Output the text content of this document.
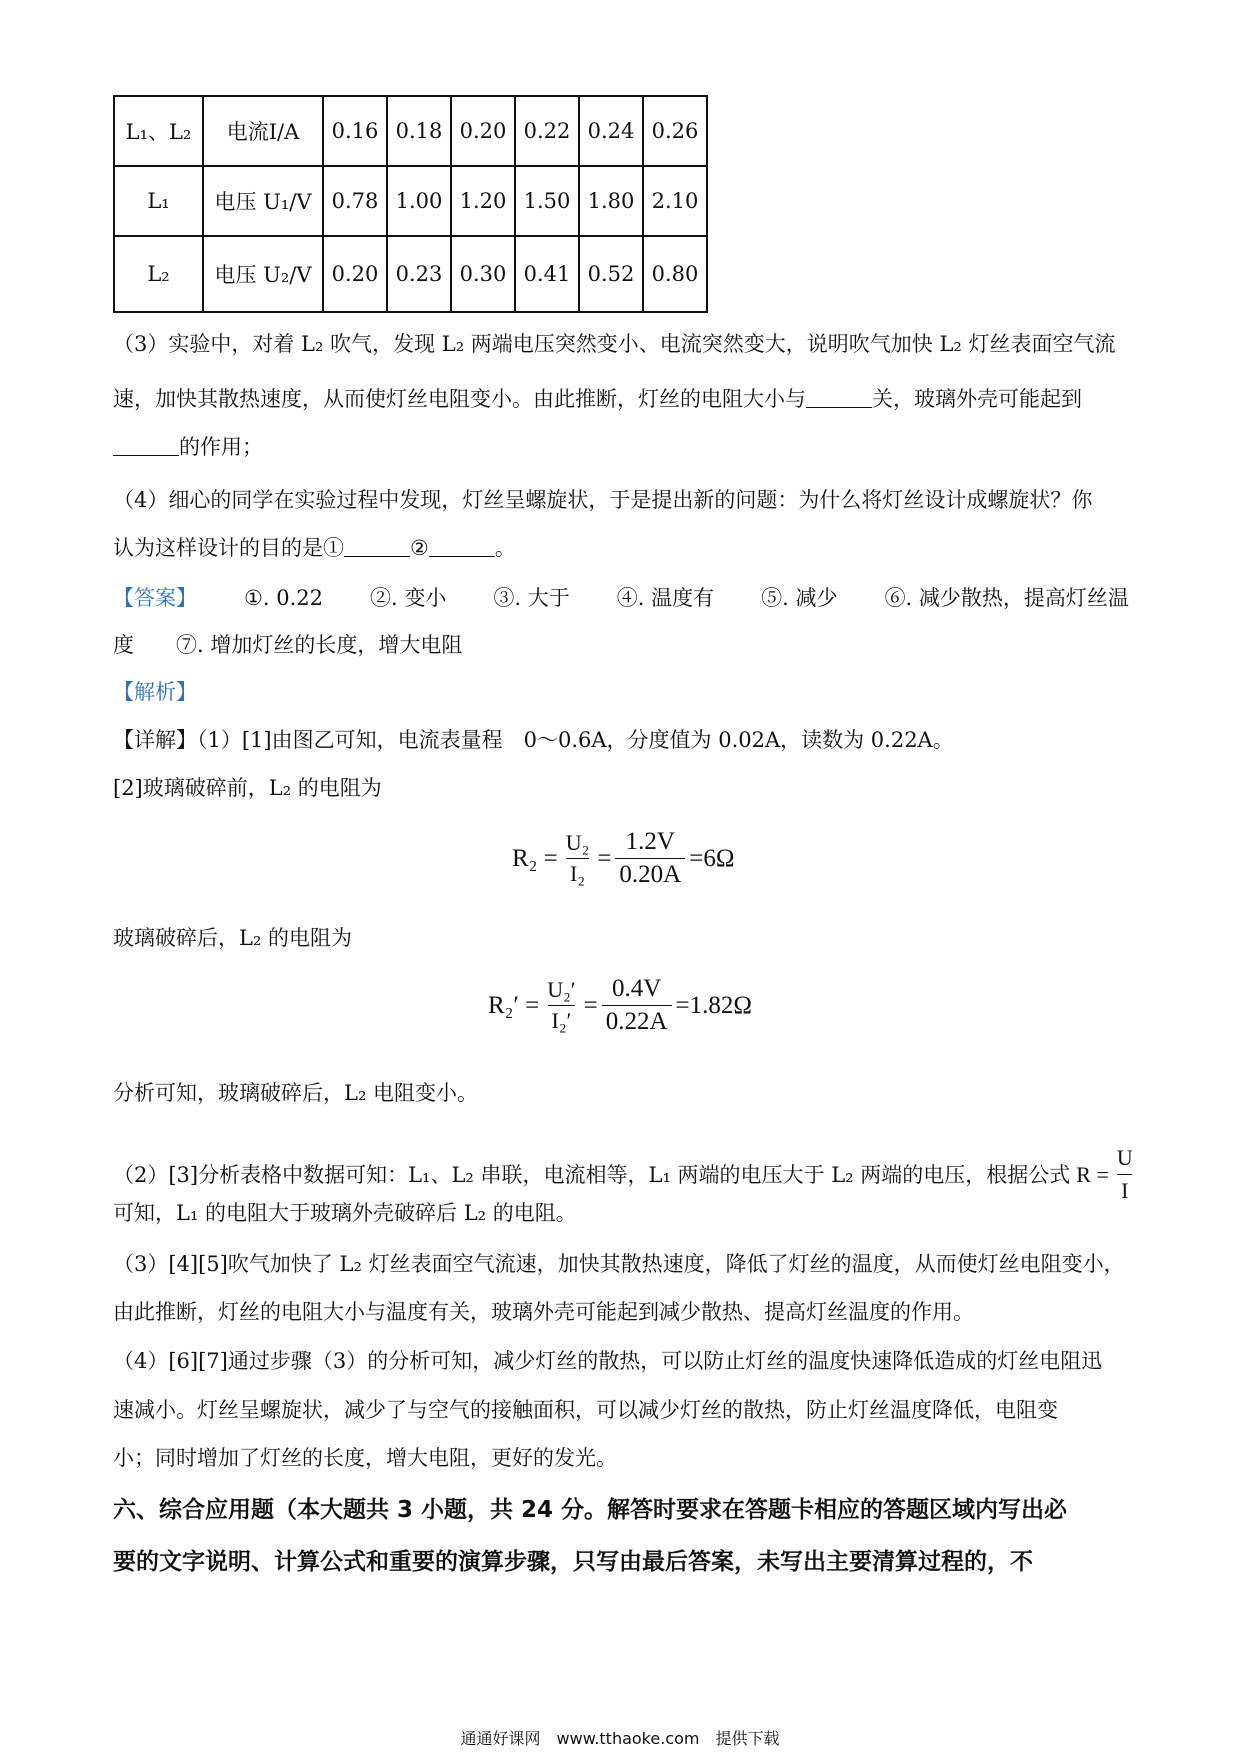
L₁、L₂	电流I/A	0.16	0.18	0.20	0.22	0.24	0.26
L₁	电压 U₁/V	0.78	1.00	1.20	1.50	1.80	2.10
L₂	电压 U₂/V	0.20	0.23	0.30	0.41	0.52	0.80
（3）实验中，对着 L₂ 吹气，发现 L₂ 两端电压突然变小、电流突然变大，说明吹气加快 L₂ 灯丝表面空气流
速，加快其散热速度，从而使灯丝电阻变小。由此推断，灯丝的电阻大小与	关，玻璃外壳可能起到
的作用；
（4）细心的同学在实验过程中发现，灯丝呈螺旋状，于是提出新的问题：为什么将灯丝设计成螺旋状？你
认为这样设计的目的是①	②	。
【答案】 ①. 0.22 ②. 变小 ③. 大于 ④. 温度有 ⑤. 减少 ⑥. 减少散热，提高灯丝温
度　　 ⑦. 增加灯丝的长度，增大电阻
【解析】
【详解】（1）[1]由图乙可知，电流表量程　0～0.6A，分度值为 0.02A，读数为 0.22A。
[2]玻璃破碎前，L₂ 的电阻为
$R_2 = \frac{\text{U₂}}{\text{I₂}} = \frac{1.2V}{0.20A} =6\Omega$
玻璃破碎后，L₂ 的电阻为
$R_2' = \frac{\text{U₂′}}{\text{I₂′}} = \frac{0.4V}{0.22A} =1.82\Omega$
分析可知，玻璃破碎后，L₂ 电阻变小。
（2）[3]分析表格中数据可知：L₁、L₂ 串联，电流相等，L₁ 两端的电压大于 L₂ 两端的电压，根据公式 $R = \frac{U}{I}$
可知，L₁ 的电阻大于玻璃外壳破碎后 L₂ 的电阻。
（3）[4][5]吹气加快了 L₂ 灯丝表面空气流速，加快其散热速度，降低了灯丝的温度，从而使灯丝电阻变小，
由此推断，灯丝的电阻大小与温度有关，玻璃外壳可能起到减少散热、提高灯丝温度的作用。
（4）[6][7]通过步骤（3）的分析可知，减少灯丝的散热，可以防止灯丝的温度快速降低造成的灯丝电阻迅
速减小。灯丝呈螺旋状，减少了与空气的接触面积，可以减少灯丝的散热，防止灯丝温度降低，电阻变
小；同时增加了灯丝的长度，增大电阻，更好的发光。
六、综合应用题（本大题共 3 小题，共 24 分。解答时要求在答题卡相应的答题区域内写出必
要的文字说明、计算公式和重要的演算步骤，只写由最后答案，未写出主要清算过程的，不
通通好课网　www.tthaoke.com　提供下载
